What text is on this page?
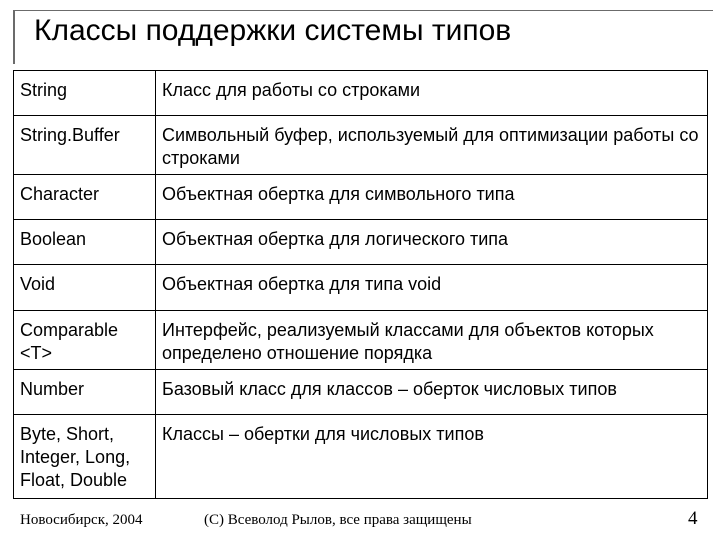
Классы поддержки системы типов
String	Класс для работы со строками
String.Buffer	Символьный буфер, используемый для оптимизации работы со строками
Character	Объектная обертка для символьного типа
Boolean	Объектная обертка для логического типа
Void	Объектная обертка для типа void
Comparable <T>	Интерфейс, реализуемый классами для объектов которых определено отношение порядка
Number	Базовый класс для классов – оберток числовых типов
Byte, Short, Integer, Long, Float, Double	Классы – обертки для числовых типов
Новосибирск, 2004	(С) Всеволод Рылов, все права защищены	4
